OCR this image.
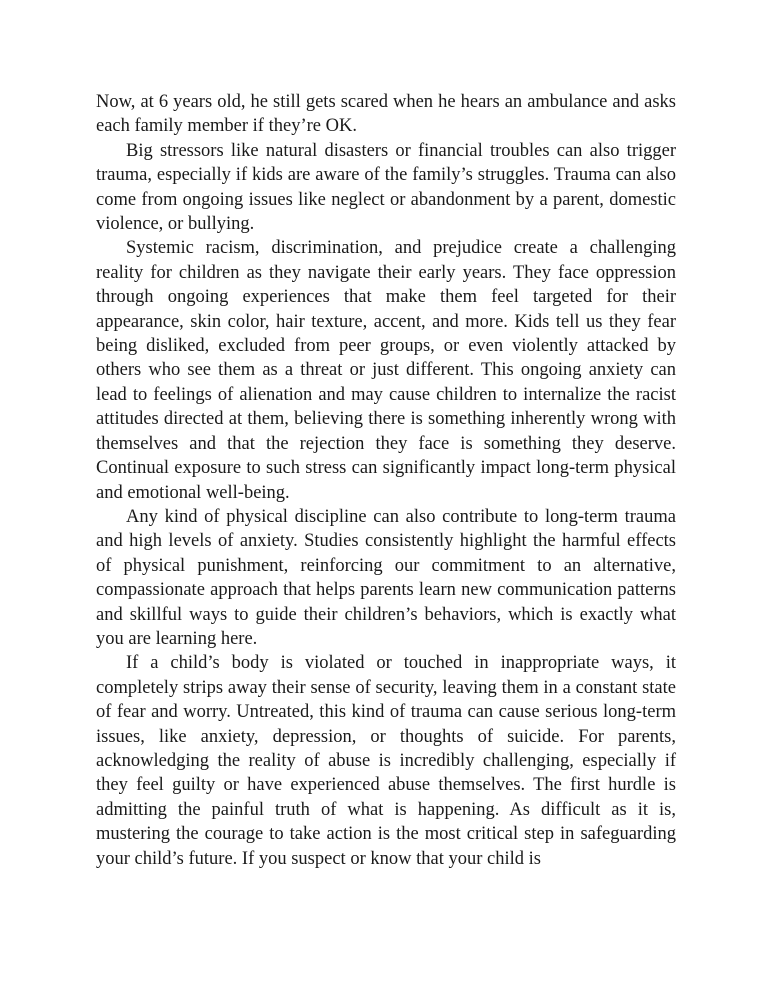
Now, at 6 years old, he still gets scared when he hears an ambulance and asks each family member if they’re OK.

Big stressors like natural disasters or financial troubles can also trigger trauma, especially if kids are aware of the family’s struggles. Trauma can also come from ongoing issues like neglect or abandonment by a parent, domestic violence, or bullying.

Systemic racism, discrimination, and prejudice create a challenging reality for children as they navigate their early years. They face oppression through ongoing experiences that make them feel targeted for their appearance, skin color, hair texture, accent, and more. Kids tell us they fear being disliked, excluded from peer groups, or even violently attacked by others who see them as a threat or just different. This ongoing anxiety can lead to feelings of alienation and may cause children to internalize the racist attitudes directed at them, believing there is something inherently wrong with themselves and that the rejection they face is something they deserve. Continual exposure to such stress can significantly impact long-term physical and emotional well-being.

Any kind of physical discipline can also contribute to long-term trauma and high levels of anxiety. Studies consistently highlight the harmful effects of physical punishment, reinforcing our commitment to an alternative, compassionate approach that helps parents learn new communication patterns and skillful ways to guide their children’s behaviors, which is exactly what you are learning here.

If a child’s body is violated or touched in inappropriate ways, it completely strips away their sense of security, leaving them in a constant state of fear and worry. Untreated, this kind of trauma can cause serious long-term issues, like anxiety, depression, or thoughts of suicide. For parents, acknowledging the reality of abuse is incredibly challenging, especially if they feel guilty or have experienced abuse themselves. The first hurdle is admitting the painful truth of what is happening. As difficult as it is, mustering the courage to take action is the most critical step in safeguarding your child’s future. If you suspect or know that your child is
